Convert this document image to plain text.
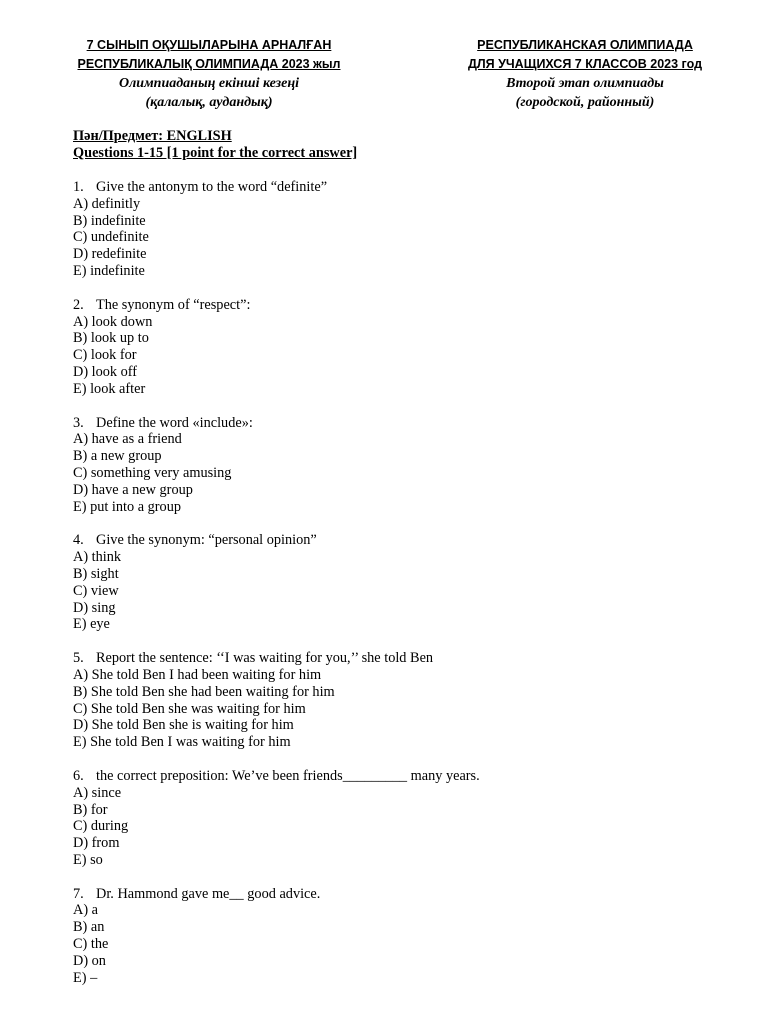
7 СЫНЫП ОҚУШЫЛАРЫНА АРНАЛҒАН
РЕСПУБЛИКАЛЫҚ ОЛИМПИАДА 2023 жыл
Олимпиаданың екінші кезеңі
(қалалық, аудандық)
РЕСПУБЛИКАНСКАЯ ОЛИМПИАДА
ДЛЯ УЧАЩИХСЯ 7 КЛАССОВ 2023 год
Второй этап олимпиады
(городской, районный)
Пән/Предмет: ENGLISH
Questions 1-15 [1 point for the correct answer]
1. Give the antonym to the word “definite”
A) definitly
B) indefinite
C) undefinite
D) redefinite
E) indefinite
2. The synonym of “respect”:
A) look down
B) look up to
C) look for
D) look off
E) look after
3. Define the word «include»:
A) have as a friend
B) a new group
C) something very amusing
D) have a new group
E) put into a group
4. Give the synonym: “personal opinion”
A) think
B) sight
C) view
D) sing
E) eye
5. Report the sentence: ‘‘I was waiting for you,’’ she told Ben
A) She told Ben I had been waiting for him
B) She told Ben she had been waiting for him
C) She told Ben she was waiting for him
D) She told Ben she is waiting for him
E) She told Ben I was waiting for him
6. the correct preposition: We’ve been friends_________ many years.
A) since
B) for
C) during
D) from
E) so
7. Dr. Hammond gave me__ good advice.
A) a
B) an
C) the
D) on
E) –
